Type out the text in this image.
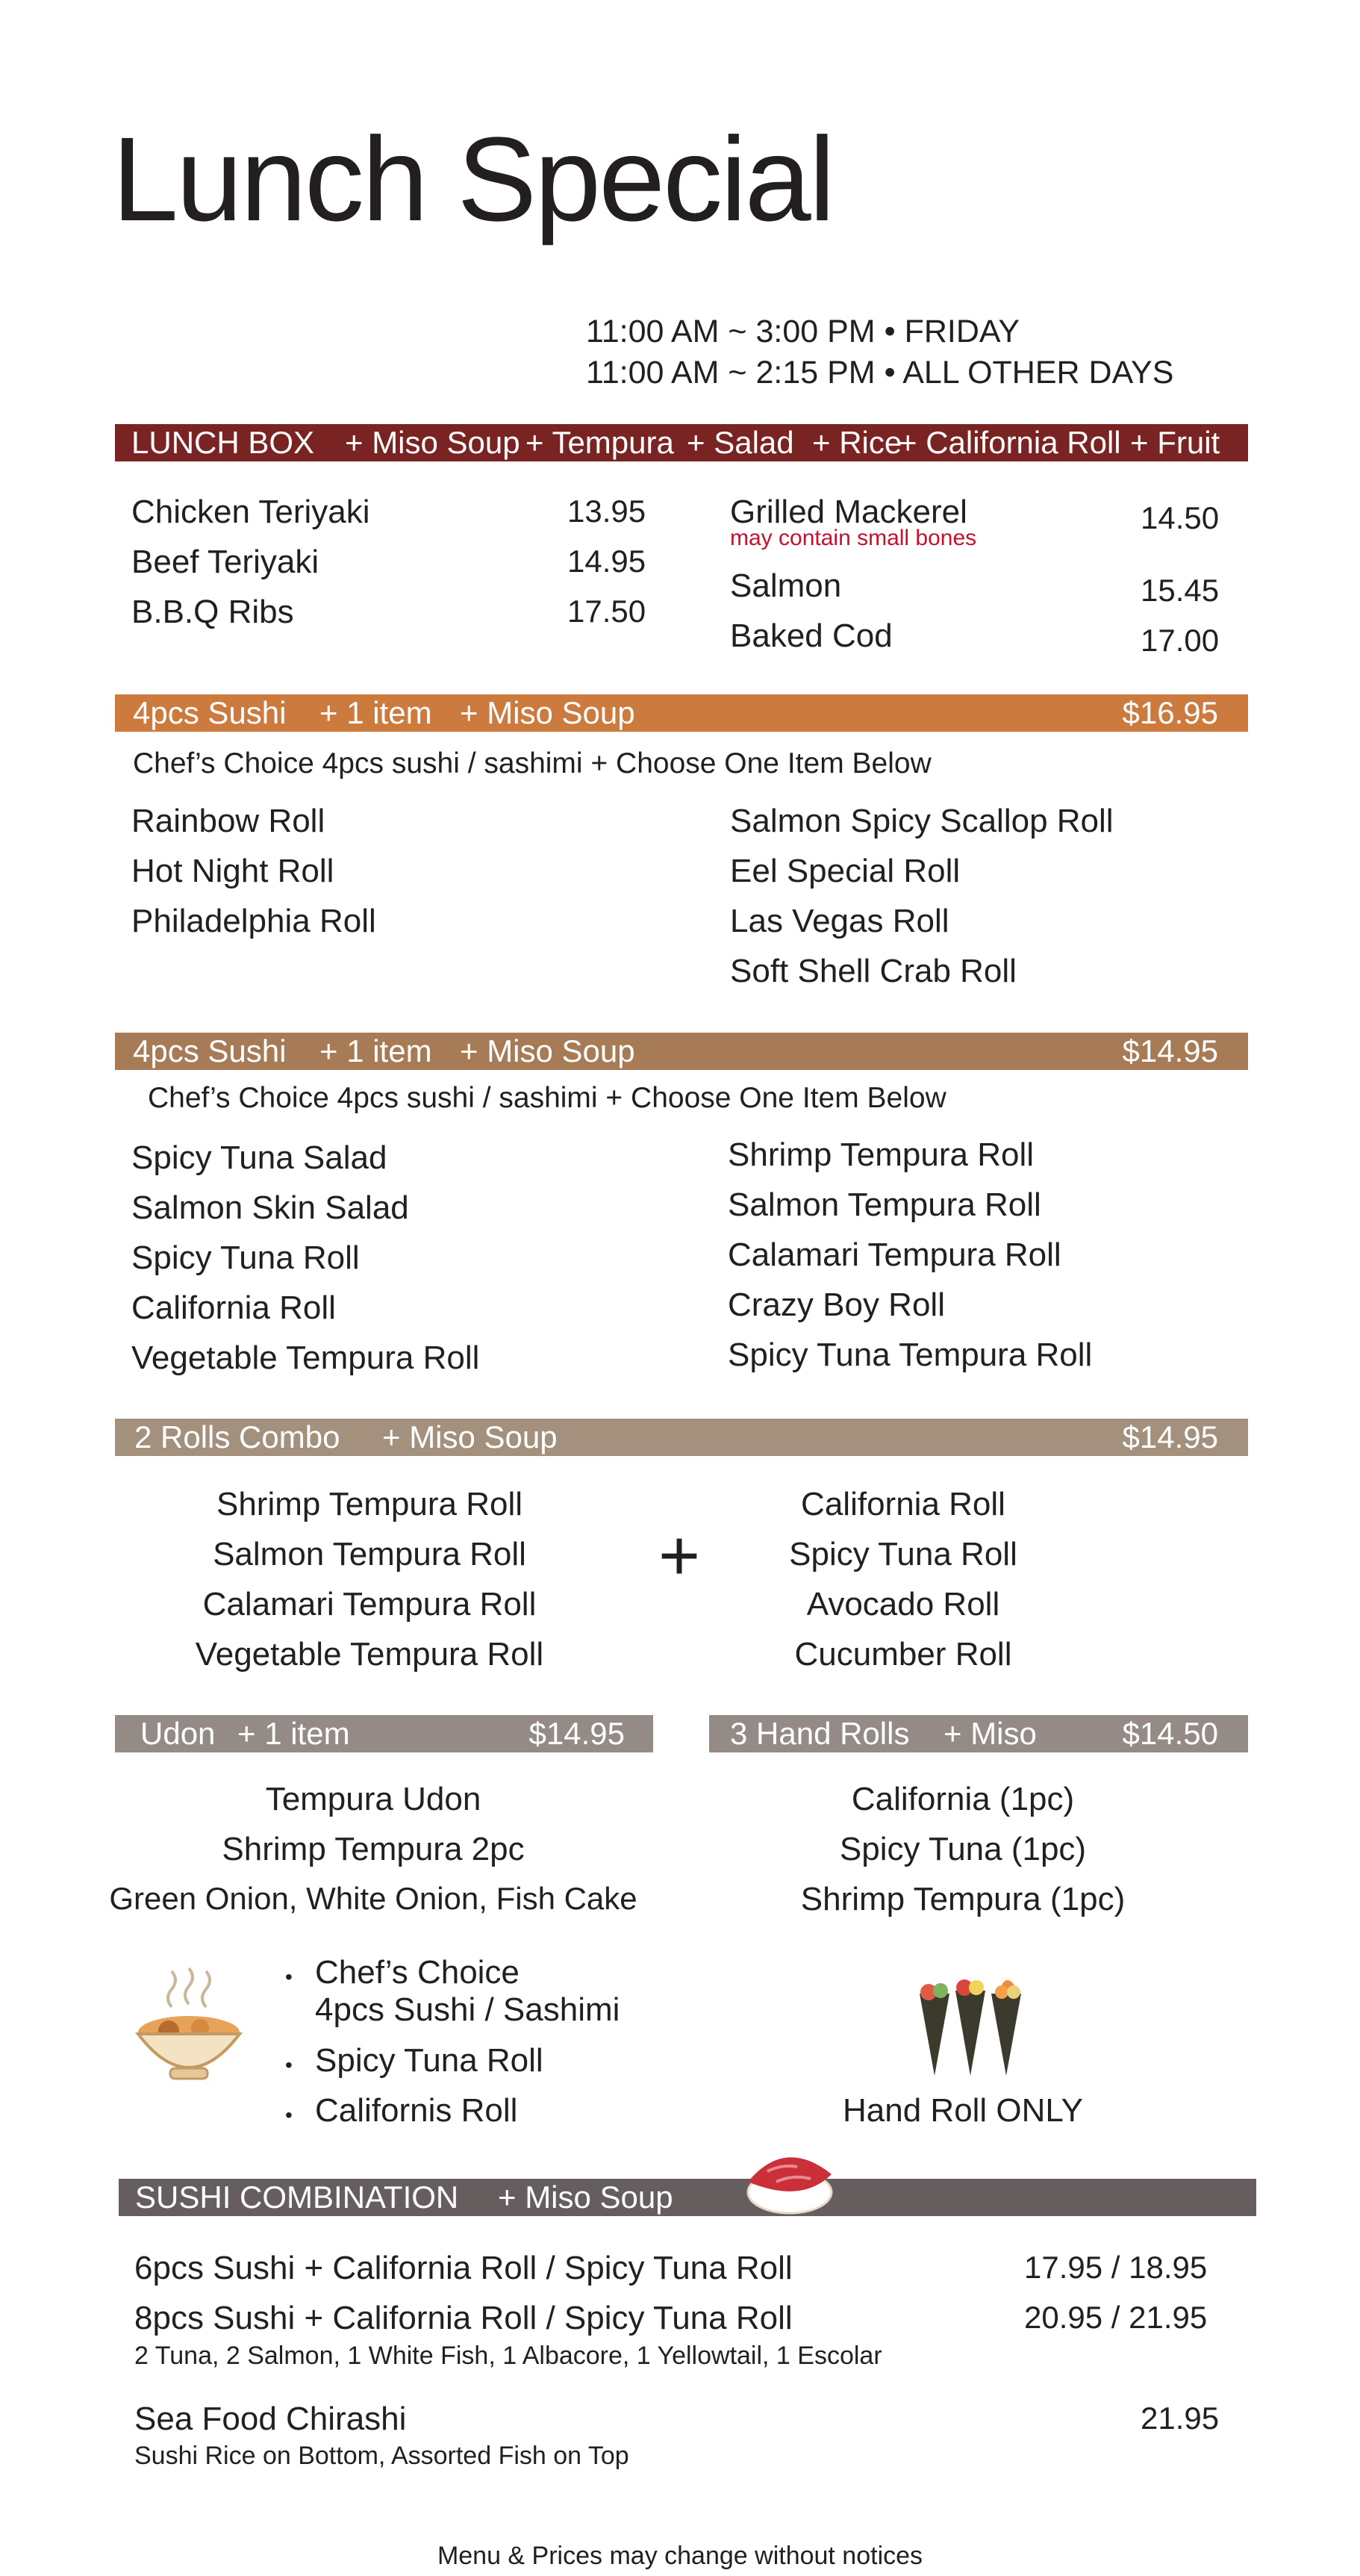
Lunch Special
11:00 AM ~ 3:00 PM • FRIDAY
11:00 AM ~ 2:15 PM • ALL OTHER DAYS
LUNCH BOX + Miso Soup + Tempura + Salad + Rice
+ California Roll + Fruit
Chicken Teriyaki	13.95
Beef Teriyaki	14.95
B.B.Q Ribs	17.50
Grilled Mackerel
may contain small bones
14.50
Salmon	15.45
Baked Cod	17.00
4pcs Sushi + 1 item + Miso Soup	$16.95
Chef’s Choice 4pcs sushi / sashimi + Choose One Item Below
Rainbow Roll
Hot Night Roll
Philadelphia Roll
Salmon Spicy Scallop Roll
Eel Special Roll
Las Vegas Roll
Soft Shell Crab Roll
4pcs Sushi + 1 item + Miso Soup	$14.95
Chef’s Choice 4pcs sushi / sashimi + Choose One Item Below
Spicy Tuna Salad
Salmon Skin Salad
Spicy Tuna Roll
California Roll
Vegetable Tempura Roll
Shrimp Tempura Roll
Salmon Tempura Roll
Calamari Tempura Roll
Crazy Boy Roll
Spicy Tuna Tempura Roll
2 Rolls Combo + Miso Soup	$14.95
Shrimp Tempura Roll
Salmon Tempura Roll
Calamari Tempura Roll
Vegetable Tempura Roll
+
California Roll
Spicy Tuna Roll
Avocado Roll
Cucumber Roll
Udon + 1 item	$14.95
Tempura Udon
Shrimp Tempura 2pc
Green Onion, White Onion, Fish Cake
• Chef’s Choice
4pcs Sushi / Sashimi
• Spicy Tuna Roll
• Californis Roll
3 Hand Rolls + Miso	$14.50
California (1pc)
Spicy Tuna (1pc)
Shrimp Tempura (1pc)
Hand Roll ONLY
SUSHI COMBINATION + Miso Soup
6pcs Sushi + California Roll / Spicy Tuna Roll	17.95 / 18.95
8pcs Sushi + California Roll / Spicy Tuna Roll	20.95 / 21.95
2 Tuna, 2 Salmon, 1 White Fish, 1 Albacore, 1 Yellowtail, 1 Escolar
Sea Food Chirashi	21.95
Sushi Rice on Bottom, Assorted Fish on Top
Menu & Prices may change without notices
